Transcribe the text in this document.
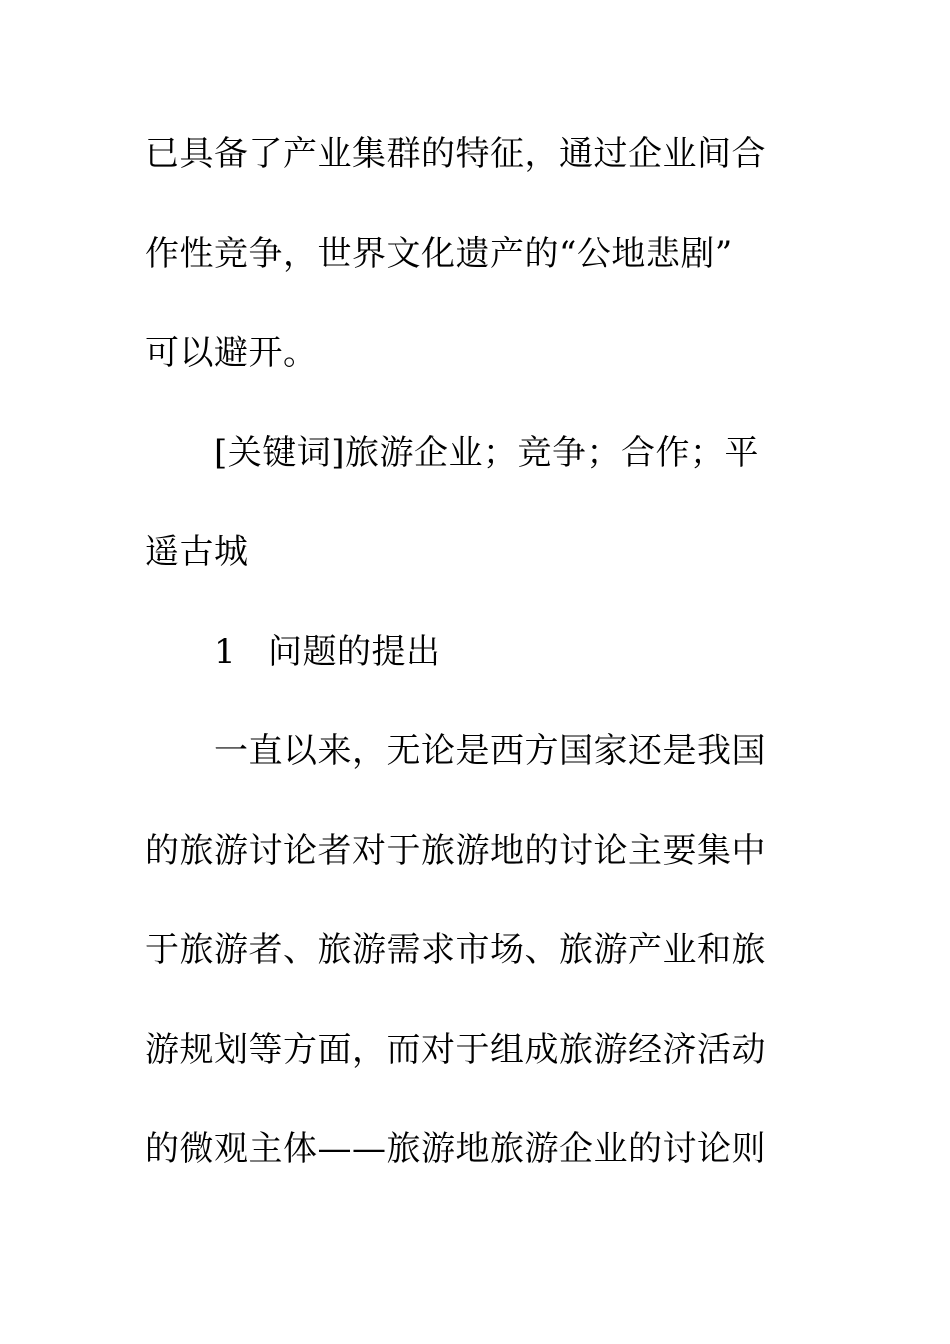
已具备了产业集群的特征，通过企业间合
作性竞争，世界文化遗产的“公地悲剧”
可以避开。
[关键词]旅游企业；竞争；合作；平
遥古城
1 问题的提出
一直以来，无论是西方国家还是我国
的旅游讨论者对于旅游地的讨论主要集中
于旅游者、旅游需求市场、旅游产业和旅
游规划等方面，而对于组成旅游经济活动
的微观主体——旅游地旅游企业的讨论则
